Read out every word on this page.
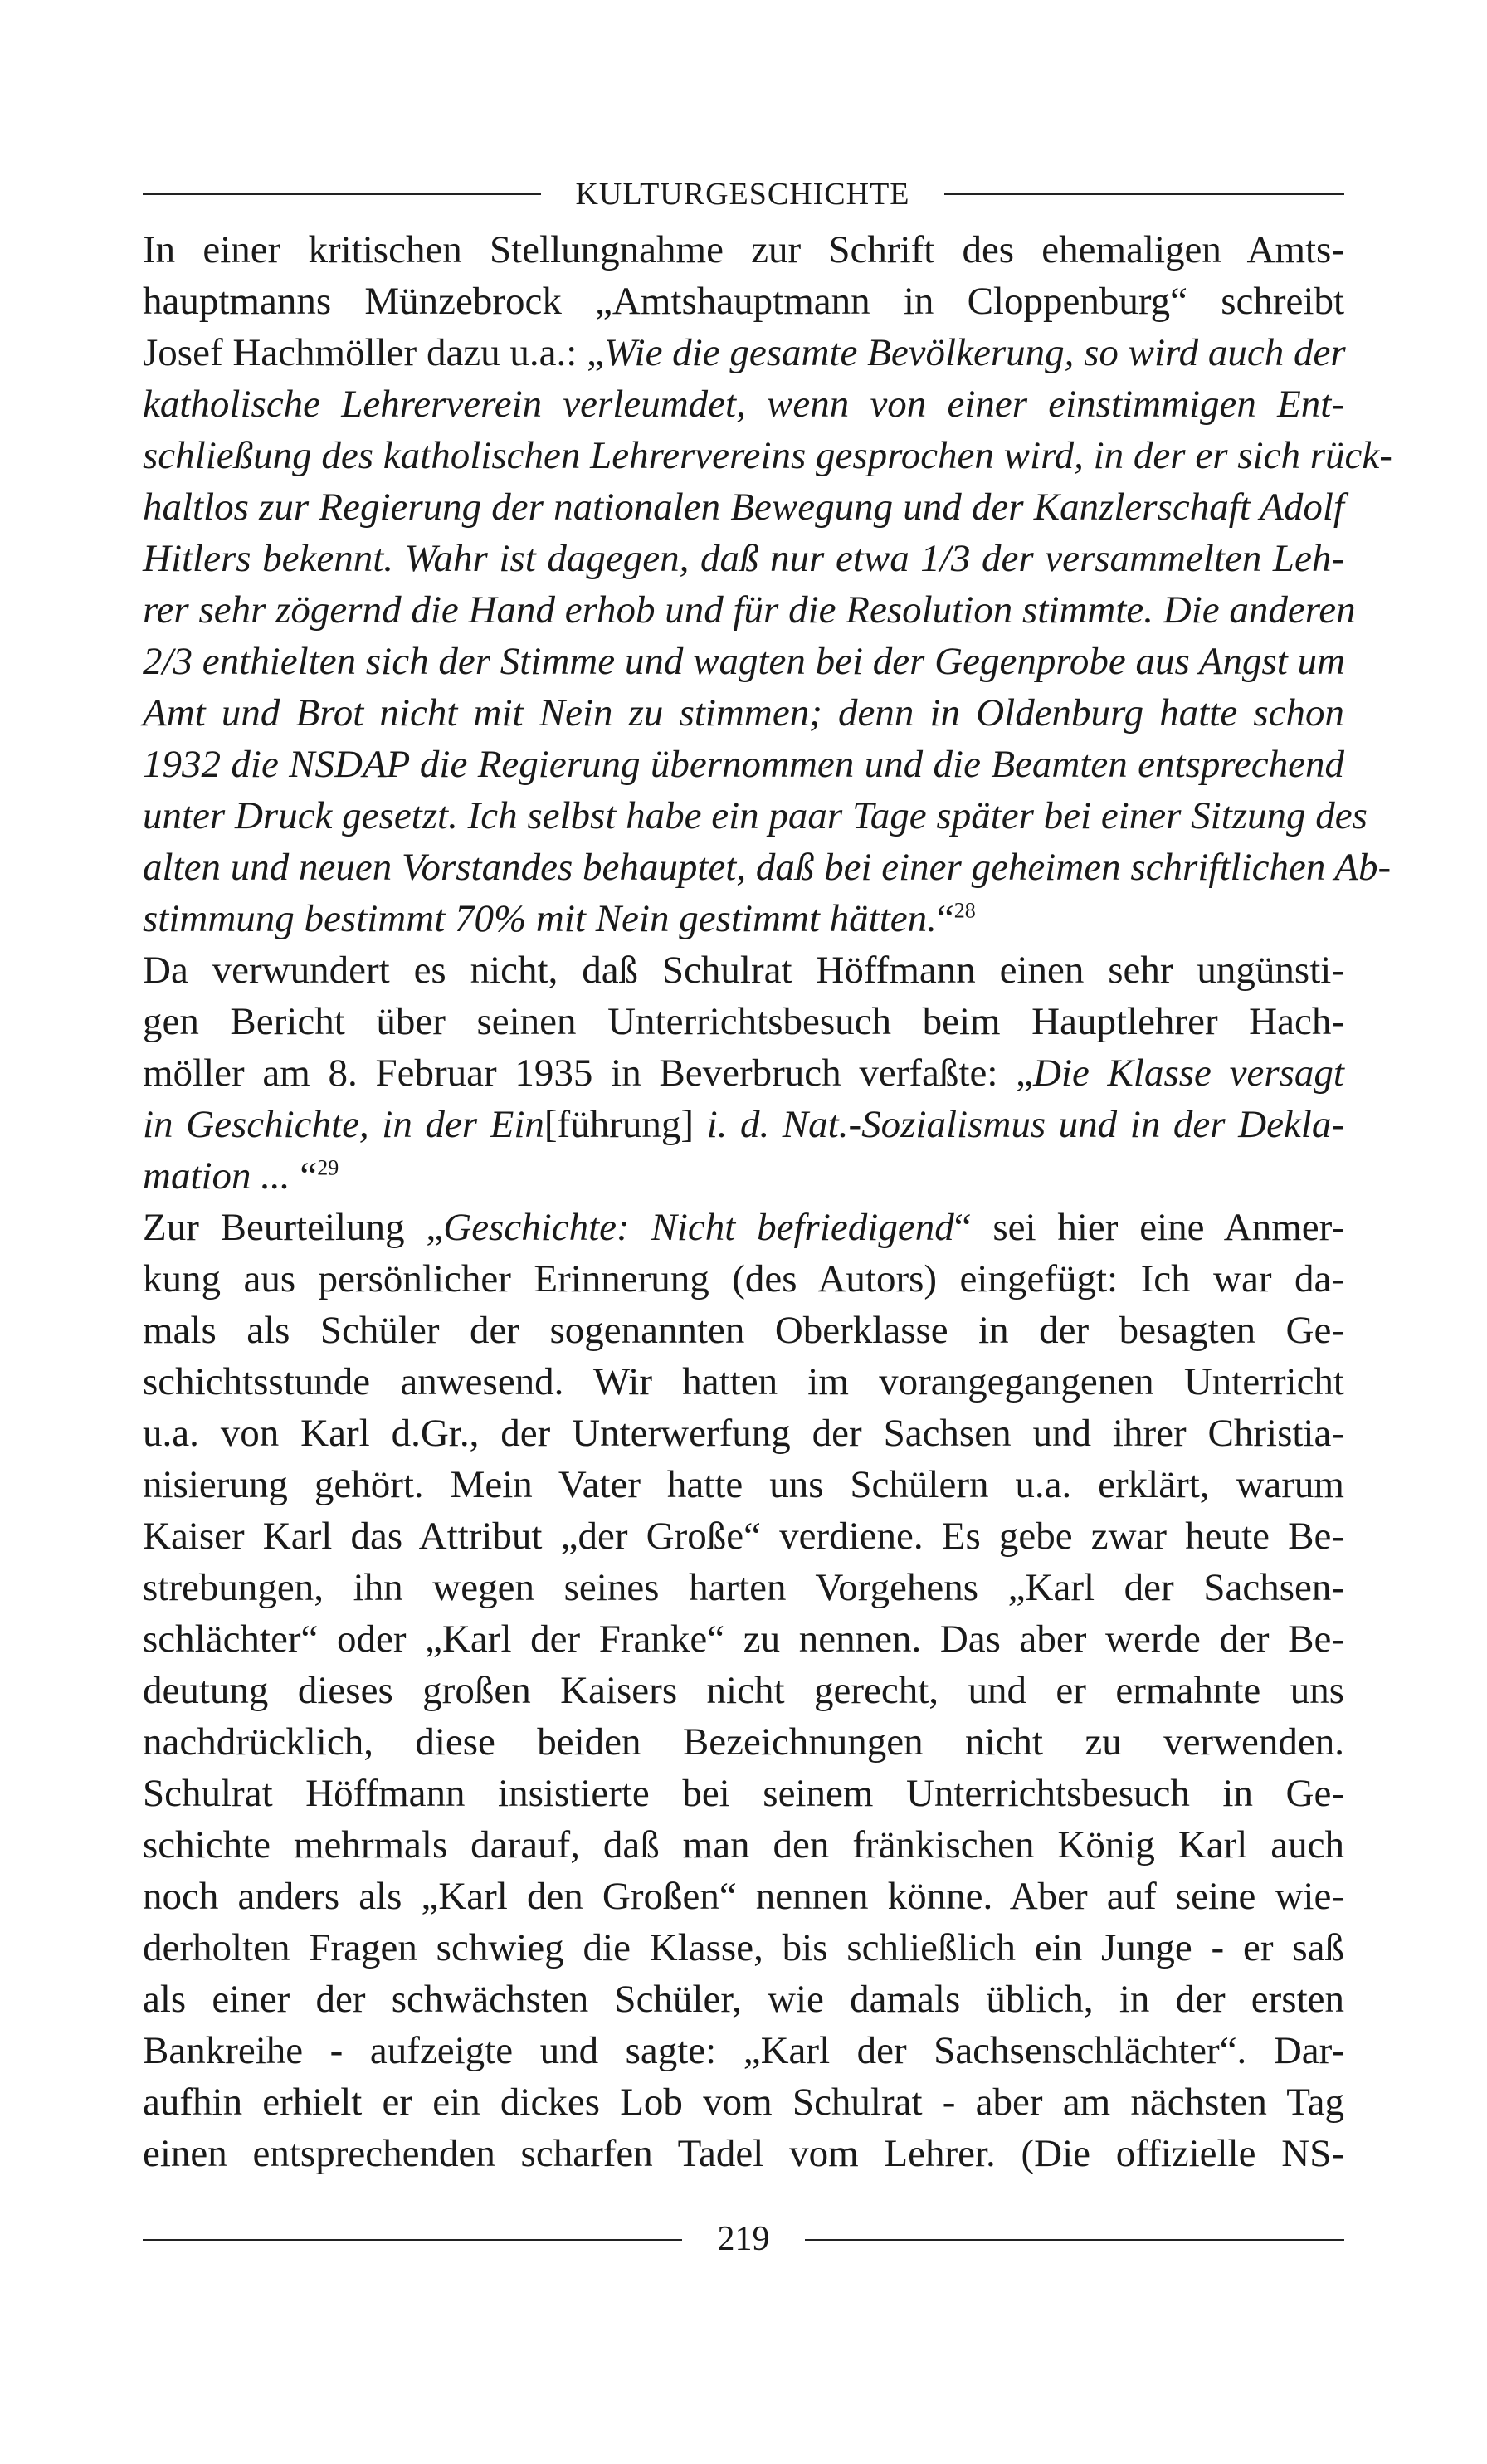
KULTURGESCHICHTE
In einer kritischen Stellungnahme zur Schrift des ehemaligen Amts-
hauptmanns Münzebrock „Amtshauptmann in Cloppenburg“ schreibt
Josef Hachmöller dazu u.a.: „Wie die gesamte Bevölkerung, so wird auch der
katholische Lehrerverein verleumdet, wenn von einer einstimmigen Ent-
schließung des katholischen Lehrervereins gesprochen wird, in der er sich rück-
haltlos zur Regierung der nationalen Bewegung und der Kanzlerschaft Adolf
Hitlers bekennt. Wahr ist dagegen, daß nur etwa 1/3 der versammelten Leh-
rer sehr zögernd die Hand erhob und für die Resolution stimmte. Die anderen
2/3 enthielten sich der Stimme und wagten bei der Gegenprobe aus Angst um
Amt und Brot nicht mit Nein zu stimmen; denn in Oldenburg hatte schon
1932 die NSDAP die Regierung übernommen und die Beamten entsprechend
unter Druck gesetzt. Ich selbst habe ein paar Tage später bei einer Sitzung des
alten und neuen Vorstandes behauptet, daß bei einer geheimen schriftlichen Ab-
stimmung bestimmt 70% mit Nein gestimmt hätten.“$^{28}$
Da verwundert es nicht, daß Schulrat Höffmann einen sehr ungünsti-
gen Bericht über seinen Unterrichtsbesuch beim Hauptlehrer Hach-
möller am 8. Februar 1935 in Beverbruch verfaßte: „Die Klasse versagt
in Geschichte, in der Ein[führung] i. d. Nat.-Sozialismus und in der Dekla-
mation ... “$^{29}$
Zur Beurteilung „Geschichte: Nicht befriedigend“ sei hier eine Anmer-
kung aus persönlicher Erinnerung (des Autors) eingefügt: Ich war da-
mals als Schüler der sogenannten Oberklasse in der besagten Ge-
schichtsstunde anwesend. Wir hatten im vorangegangenen Unterricht
u.a. von Karl d.Gr., der Unterwerfung der Sachsen und ihrer Christia-
nisierung gehört. Mein Vater hatte uns Schülern u.a. erklärt, warum
Kaiser Karl das Attribut „der Große“ verdiene. Es gebe zwar heute Be-
strebungen, ihn wegen seines harten Vorgehens „Karl der Sachsen-
schlächter“ oder „Karl der Franke“ zu nennen. Das aber werde der Be-
deutung dieses großen Kaisers nicht gerecht, und er ermahnte uns
nachdrücklich, diese beiden Bezeichnungen nicht zu verwenden.
Schulrat Höffmann insistierte bei seinem Unterrichtsbesuch in Ge-
schichte mehrmals darauf, daß man den fränkischen König Karl auch
noch anders als „Karl den Großen“ nennen könne. Aber auf seine wie-
derholten Fragen schwieg die Klasse, bis schließlich ein Junge - er saß
als einer der schwächsten Schüler, wie damals üblich, in der ersten
Bankreihe - aufzeigte und sagte: „Karl der Sachsenschlächter“. Dar-
aufhin erhielt er ein dickes Lob vom Schulrat - aber am nächsten Tag
einen entsprechenden scharfen Tadel vom Lehrer. (Die offizielle NS-
219
